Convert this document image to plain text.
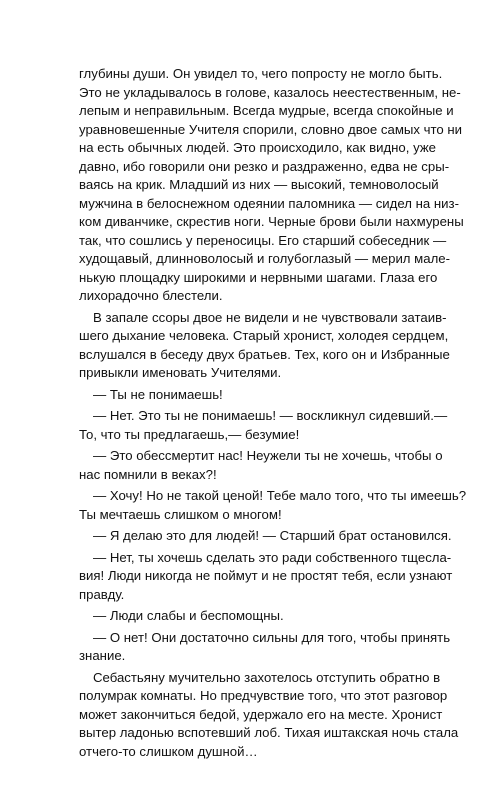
глубины души. Он увидел то, чего попросту не могло быть.
Это не укладывалось в голове, казалось неестественным, не-
лепым и неправильным. Всегда мудрые, всегда спокойные и
уравновешенные Учителя спорили, словно двое самых что ни
на есть обычных людей. Это происходило, как видно, уже
давно, ибо говорили они резко и раздраженно, едва не сры-
ваясь на крик. Младший из них — высокий, темноволосый
мужчина в белоснежном одеянии паломника — сидел на низ-
ком диванчике, скрестив ноги. Черные брови были нахмурены
так, что сошлись у переносицы. Его старший собеседник —
худощавый, длинноволосый и голубоглазый — мерил мале-
нькую площадку широкими и нервными шагами. Глаза его
лихорадочно блестели.
В запале ссоры двое не видели и не чувствовали затаив-
шего дыхание человека. Старый хронист, холодея сердцем,
вслушался в беседу двух братьев. Тех, кого он и Избранные
привыкли именовать Учителями.
— Ты не понимаешь!
— Нет. Это ты не понимаешь! — воскликнул сидевший.—
То, что ты предлагаешь,— безумие!
— Это обессмертит нас! Неужели ты не хочешь, чтобы о
нас помнили в веках?!
— Хочу! Но не такой ценой! Тебе мало того, что ты имеешь?
Ты мечтаешь слишком о многом!
— Я делаю это для людей! — Старший брат остановился.
— Нет, ты хочешь сделать это ради собственного тщесла-
вия! Люди никогда не поймут и не простят тебя, если узнают
правду.
— Люди слабы и беспомощны.
— О нет! Они достаточно сильны для того, чтобы принять
знание.
Себастьяну мучительно захотелось отступить обратно в
полумрак комнаты. Но предчувствие того, что этот разговор
может закончиться бедой, удержало его на месте. Хронист
вытер ладонью вспотевший лоб. Тихая иштакская ночь стала
отчего-то слишком душной…
